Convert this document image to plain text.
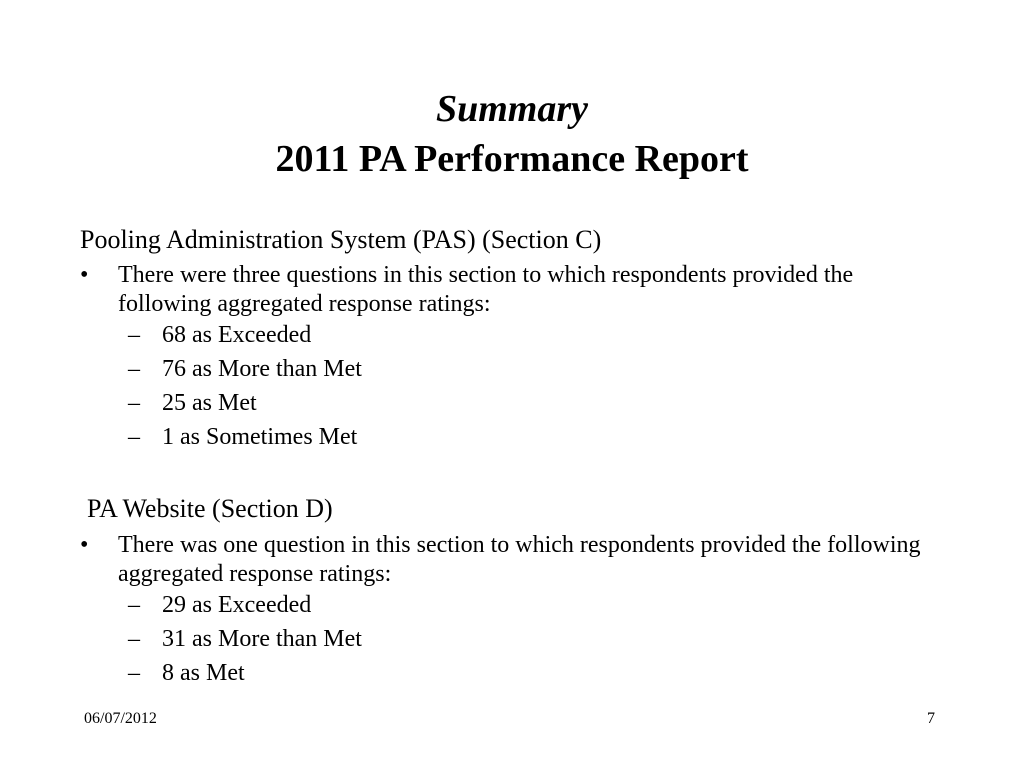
Summary
2011 PA Performance Report
Pooling Administration System (PAS) (Section C)
• There were three questions in this section to which respondents provided the following aggregated response ratings:
– 68 as Exceeded
– 76 as More than Met
– 25 as Met
– 1 as Sometimes Met
PA Website (Section D)
• There was one question in this section to which respondents provided the following aggregated response ratings:
– 29 as Exceeded
– 31 as More than Met
– 8 as Met
06/07/2012	7
